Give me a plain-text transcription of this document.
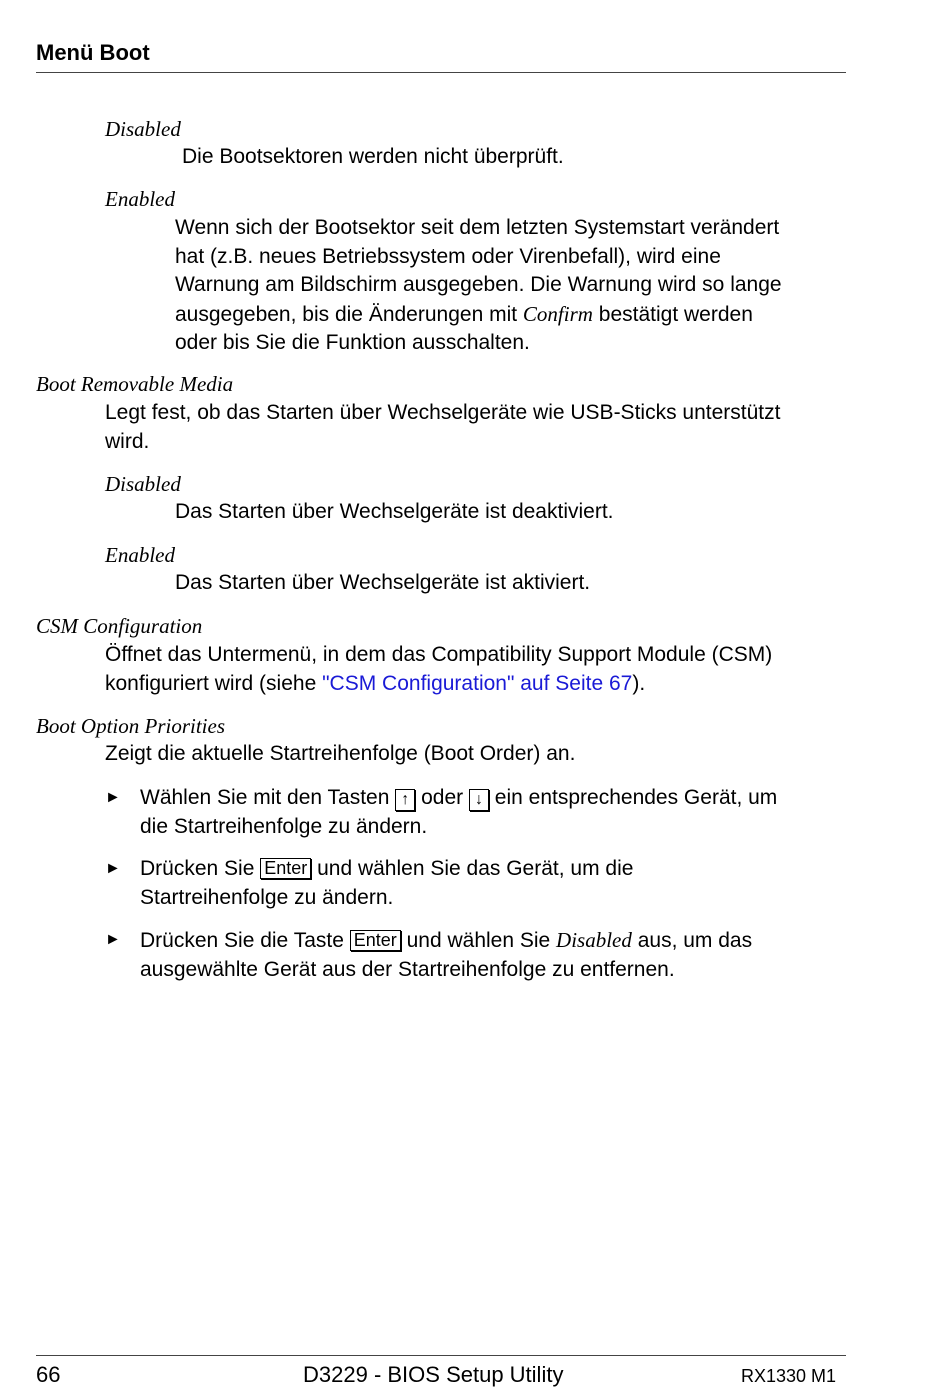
Menü Boot
Disabled
Die Bootsektoren werden nicht überprüft.
Enabled
Wenn sich der Bootsektor seit dem letzten Systemstart verändert
hat (z.B. neues Betriebssystem oder Virenbefall), wird eine
Warnung am Bildschirm ausgegeben. Die Warnung wird so lange
ausgegeben, bis die Änderungen mit Confirm bestätigt werden
oder bis Sie die Funktion ausschalten.
Boot Removable Media
Legt fest, ob das Starten über Wechselgeräte wie USB-Sticks unterstützt
wird.
Disabled
Das Starten über Wechselgeräte ist deaktiviert.
Enabled
Das Starten über Wechselgeräte ist aktiviert.
CSM Configuration
Öffnet das Untermenü, in dem das Compatibility Support Module (CSM)
konfiguriert wird (siehe "CSM Configuration" auf Seite 67).
Boot Option Priorities
Zeigt die aktuelle Startreihenfolge (Boot Order) an.
► Wählen Sie mit den Tasten ↑ oder ↓ ein entsprechendes Gerät, um
die Startreihenfolge zu ändern.
► Drücken Sie Enter und wählen Sie das Gerät, um die
Startreihenfolge zu ändern.
► Drücken Sie die Taste Enter und wählen Sie Disabled aus, um das
ausgewählte Gerät aus der Startreihenfolge zu entfernen.
66	D3229 - BIOS Setup Utility	RX1330 M1
